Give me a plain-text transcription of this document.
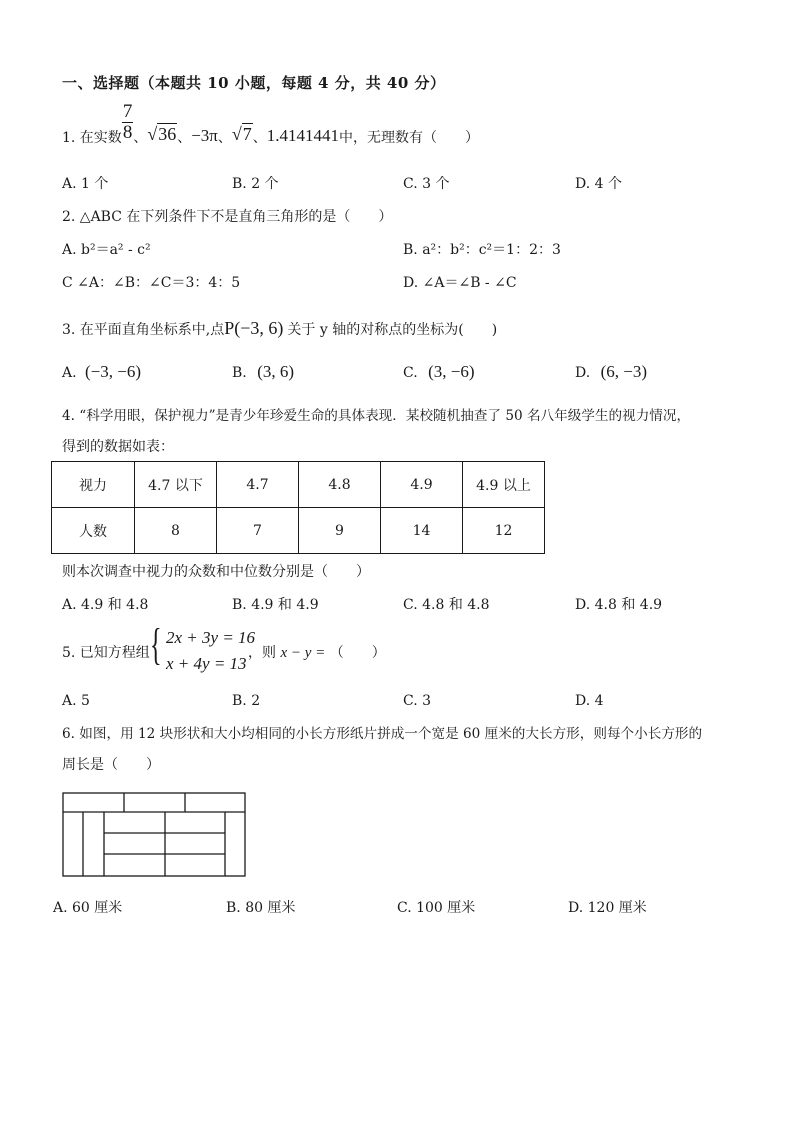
一、选择题（本题共 10 小题，每题 4 分，共 40 分）
1. 在实数 $\frac{7}{8}$ 、√36、−3π、√7、1.4141441中，无理数有（　　）
A. 1 个	B. 2 个	C. 3 个	D. 4 个
2. △ABC 在下列条件下不是直角三角形的是（　　）
A. b²＝a² - c²	B. a²：b²：c²＝1：2：3
C ∠A：∠B：∠C＝3：4：5	D. ∠A＝∠B - ∠C
3. 在平面直角坐标系中,点P(−3, 6) 关于 y 轴的对称点的坐标为(　　)
A. (−3, −6)	B. (3, 6)	C. (3, −6)	D. (6, −3)
4. “科学用眼，保护视力”是青少年珍爱生命的具体表现．某校随机抽查了 50 名八年级学生的视力情况，
得到的数据如表：
视力	4.7 以下	4.7	4.8	4.9	4.9 以上
人数	8	7	9	14	12
则本次调查中视力的众数和中位数分别是（　　）
A. 4.9 和 4.8	B. 4.9 和 4.9	C. 4.8 和 4.8	D. 4.8 和 4.9
5. 已知方程组 { 2x + 3y = 16
x + 4y = 13
，则 x − y = （　　）
A. 5	B. 2	C. 3	D. 4
6. 如图，用 12 块形状和大小均相同的小长方形纸片拼成一个宽是 60 厘米的大长方形，则每个小长方形的
周长是（　　）
A. 60 厘米	B. 80 厘米	C. 100 厘米	D. 120 厘米
